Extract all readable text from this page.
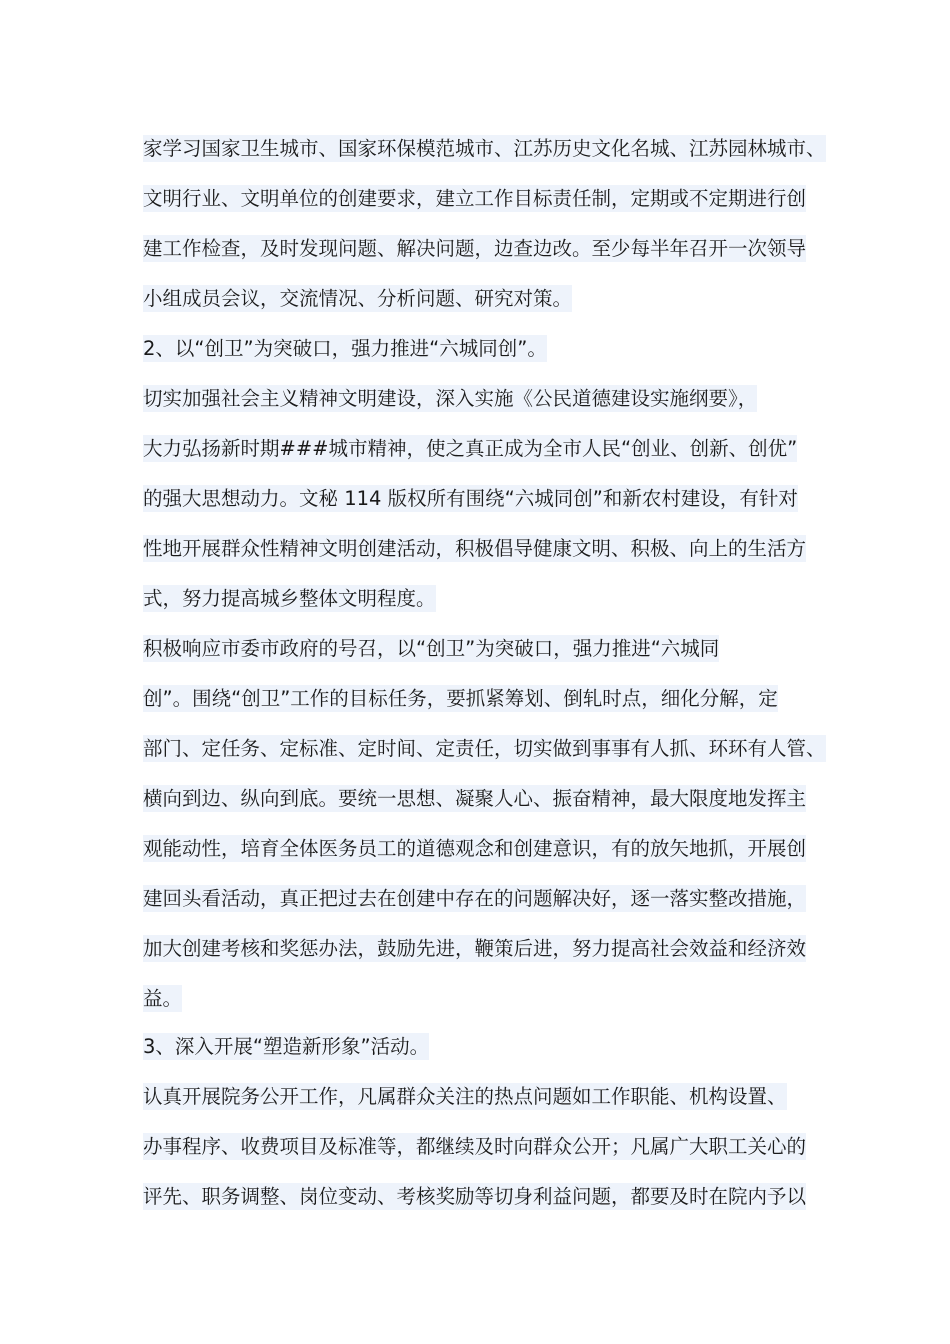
家学习国家卫生城市、国家环保模范城市、江苏历史文化名城、江苏园林城市、
文明行业、文明单位的创建要求，建立工作目标责任制，定期或不定期进行创
建工作检查，及时发现问题、解决问题，边查边改。至少每半年召开一次领导
小组成员会议，交流情况、分析问题、研究对策。
2、以“创卫”为突破口，强力推进“六城同创”。
切实加强社会主义精神文明建设，深入实施《公民道德建设实施纲要》，
大力弘扬新时期###城市精神，使之真正成为全市人民“创业、创新、创优”
的强大思想动力。文秘 114 版权所有围绕“六城同创”和新农村建设，有针对
性地开展群众性精神文明创建活动，积极倡导健康文明、积极、向上的生活方
式，努力提高城乡整体文明程度。
积极响应市委市政府的号召，以“创卫”为突破口，强力推进“六城同
创”。围绕“创卫”工作的目标任务，要抓紧筹划、倒轧时点，细化分解，定
部门、定任务、定标准、定时间、定责任，切实做到事事有人抓、环环有人管、
横向到边、纵向到底。要统一思想、凝聚人心、振奋精神，最大限度地发挥主
观能动性，培育全体医务员工的道德观念和创建意识，有的放矢地抓，开展创
建回头看活动，真正把过去在创建中存在的问题解决好，逐一落实整改措施，
加大创建考核和奖惩办法，鼓励先进，鞭策后进，努力提高社会效益和经济效
益。
3、深入开展“塑造新形象”活动。
认真开展院务公开工作，凡属群众关注的热点问题如工作职能、机构设置、
办事程序、收费项目及标准等，都继续及时向群众公开；凡属广大职工关心的
评先、职务调整、岗位变动、考核奖励等切身利益问题，都要及时在院内予以
